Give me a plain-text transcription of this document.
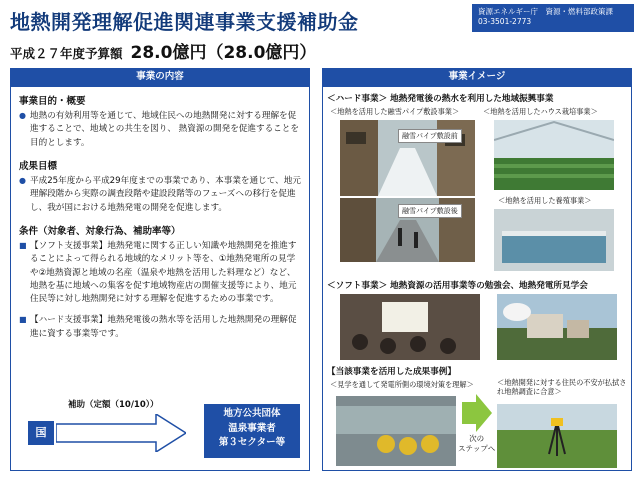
地熱開発理解促進関連事業支援補助金
平成２７年度予算額 28.0億円（28.0億円）
資源エネルギー庁　資源・燃料部政策課
03-3501-2773
事業の内容	事業イメージ
事業目的・概要
● 地熱の有効利用等を通じて、地域住民への地熱開発に対する理解を促進することで、地域との共生を図り、 熱資源の開発を促進することを目的とします。
成果目標
● 平成25年度から平成29年度までの事業であり、本事業を通じて、地元理解段階から実際の調査段階や建設段階等のフェーズへの移行を促進し、我が国における地熱発電の開発を促進します。
条件（対象者、対象行為、補助率等）
■ 【ソフト支援事業】地熱発電に関する正しい知識や地熱開発を推進することによって得られる地域的なメリット等を、①地熱発電所の見学や②地熱資源と地域の名産（温泉や地熱を活用した料理など）など、地熱を基に地域への集客を促す地域物産店の開催支援等により、地元住民等に対し地熱開発に対する理解を促進するための事業です。
■ 【ハード支援事業】地熱発電後の熱水等を活用した地熱開発の理解促進に資する事業等です。
補助（定額（10/10））
国
地方公共団体
温泉事業者
第３セクター等
＜ハード事業＞ 地熱発電後の熱水を利用した地域振興事業
＜地熱を活用した融雪パイプ敷設事業＞	＜地熱を活用したハウス栽培事業＞
融雪パイプ敷設前
融雪パイプ敷設後
＜地熱を活用した養殖事業＞
＜ソフト事業＞ 地熱資源の活用事業等の勉強会、地熱発電所見学会
【当該事業を活用した成果事例】
＜見学を通して発電所側の環境対策を理解＞	＜地熱開発に対する住民の不安が払拭され地熱調査に合意＞
次の
ステップへ
